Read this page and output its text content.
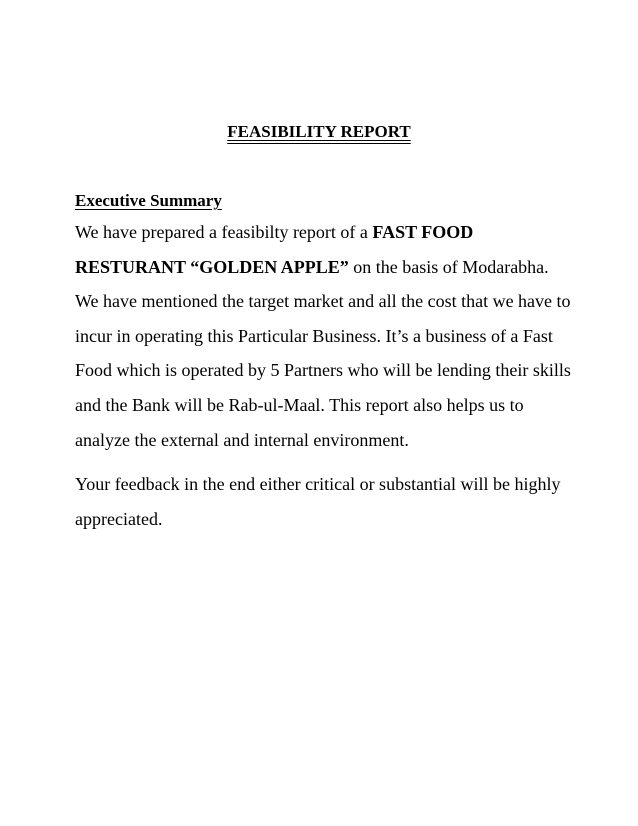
FEASIBILITY REPORT
Executive Summary

We have prepared a feasibilty report of a FAST FOOD RESTURANT “GOLDEN APPLE” on the basis of Modarabha. We have mentioned the target market and all the cost that we have to incur in operating this Particular Business. It’s a business of a Fast Food which is operated by 5 Partners who will be lending their skills and the Bank will be Rab-ul-Maal. This report also helps us to analyze the external and internal environment.

Your feedback in the end either critical or substantial will be highly appreciated.
